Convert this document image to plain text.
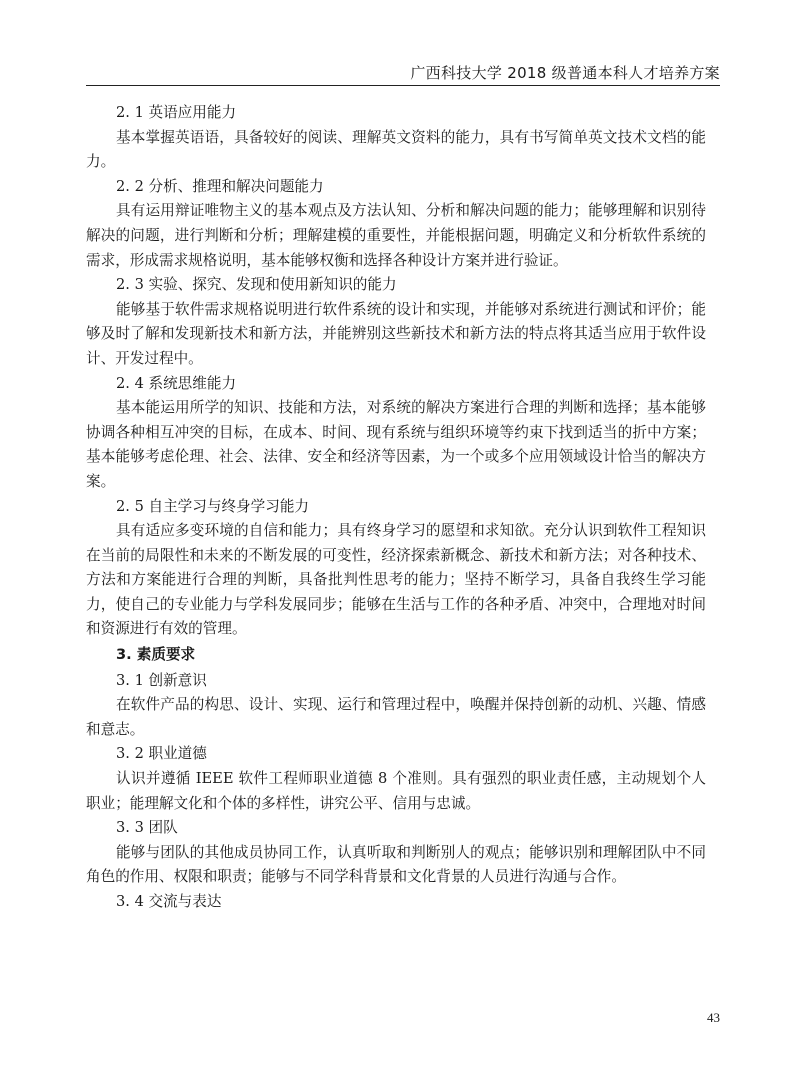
广西科技大学 2018 级普通本科人才培养方案

2. 1 英语应用能力

基本掌握英语语，具备较好的阅读、理解英文资料的能力，具有书写简单英文技术文档的能力。

2. 2 分析、推理和解决问题能力

具有运用辩证唯物主义的基本观点及方法认知、分析和解决问题的能力；能够理解和识别待解决的问题，进行判断和分析；理解建模的重要性，并能根据问题，明确定义和分析软件系统的需求，形成需求规格说明，基本能够权衡和选择各种设计方案并进行验证。

2. 3 实验、探究、发现和使用新知识的能力

能够基于软件需求规格说明进行软件系统的设计和实现，并能够对系统进行测试和评价；能够及时了解和发现新技术和新方法，并能辨别这些新技术和新方法的特点将其适当应用于软件设计、开发过程中。

2. 4 系统思维能力

基本能运用所学的知识、技能和方法，对系统的解决方案进行合理的判断和选择；基本能够协调各种相互冲突的目标，在成本、时间、现有系统与组织环境等约束下找到适当的折中方案；基本能够考虑伦理、社会、法律、安全和经济等因素，为一个或多个应用领域设计恰当的解决方案。

2. 5 自主学习与终身学习能力

具有适应多变环境的自信和能力；具有终身学习的愿望和求知欲。充分认识到软件工程知识在当前的局限性和未来的不断发展的可变性，经济探索新概念、新技术和新方法；对各种技术、方法和方案能进行合理的判断，具备批判性思考的能力；坚持不断学习，具备自我终生学习能力，使自己的专业能力与学科发展同步；能够在生活与工作的各种矛盾、冲突中，合理地对时间和资源进行有效的管理。

3. 素质要求

3. 1 创新意识

在软件产品的构思、设计、实现、运行和管理过程中，唤醒并保持创新的动机、兴趣、情感和意志。

3. 2 职业道德

认识并遵循 IEEE 软件工程师职业道德 8 个准则。具有强烈的职业责任感，主动规划个人职业；能理解文化和个体的多样性，讲究公平、信用与忠诚。

3. 3 团队

能够与团队的其他成员协同工作，认真听取和判断别人的观点；能够识别和理解团队中不同角色的作用、权限和职责；能够与不同学科背景和文化背景的人员进行沟通与合作。

3. 4 交流与表达

43
